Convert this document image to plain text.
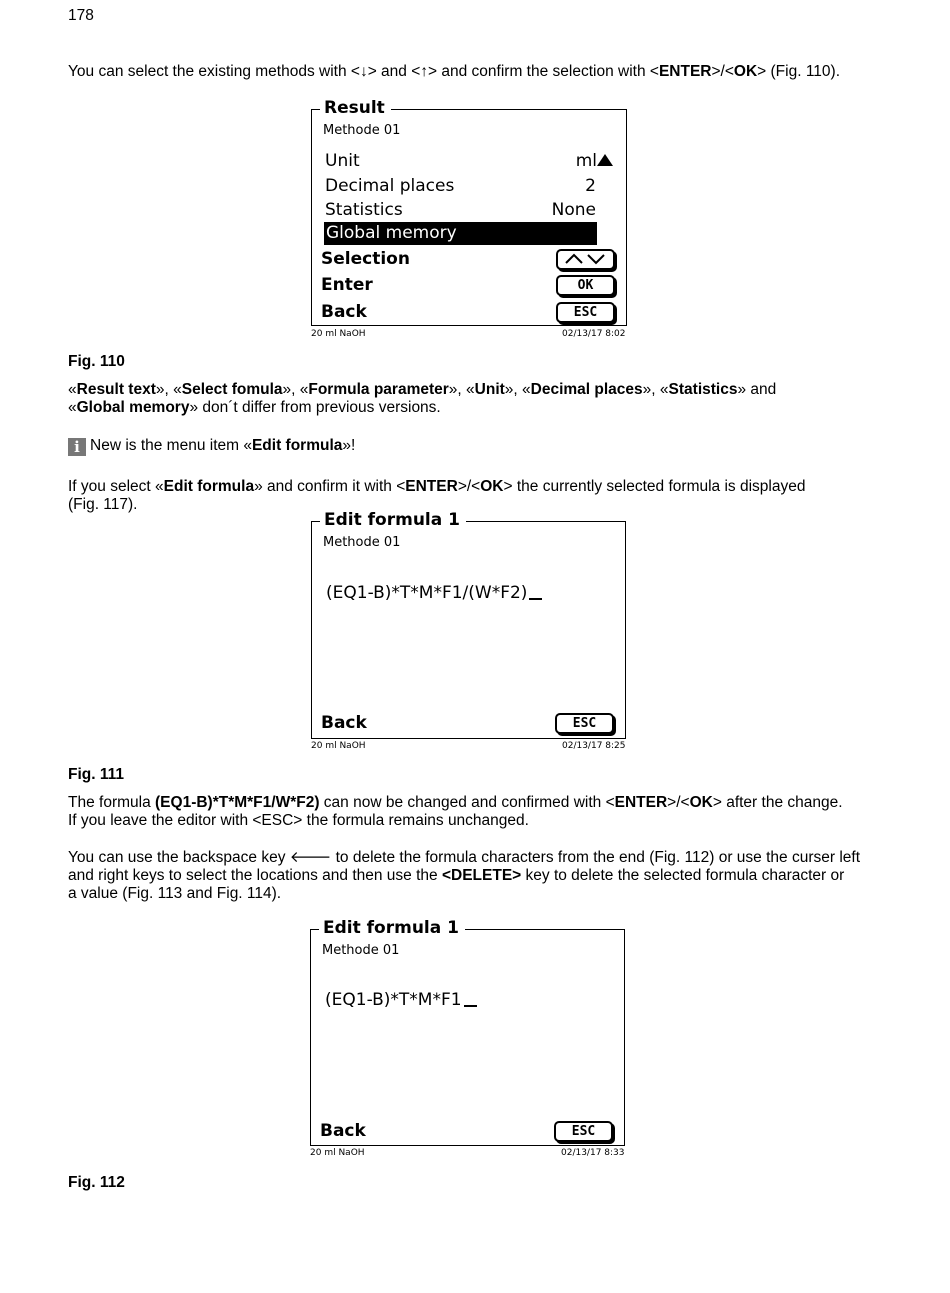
178
You can select the existing methods with <↓> and <↑> and confirm the selection with <ENTER>/<OK> (Fig. 110).
Result
Methode 01
Unit	ml
Decimal places	2
Statistics	None
Global memory
Selection
Enter	OK
Back	ESC
20 ml NaOH	02/13/17 8:02
Fig. 110
«Result text», «Select fomula», «Formula parameter», «Unit», «Decimal places», «Statistics» and
«Global memory» don´t differ from previous versions.
i New is the menu item «Edit formula»!
If you select «Edit formula» and confirm it with <ENTER>/<OK> the currently selected formula is displayed
(Fig. 117).
Edit formula 1
Methode 01
(EQ1-B)*T*M*F1/(W*F2)
Back	ESC
20 ml NaOH	02/13/17 8:25
Fig. 111
The formula (EQ1-B)*T*M*F1/W*F2) can now be changed and confirmed with <ENTER>/<OK> after the change.
If you leave the editor with <ESC> the formula remains unchanged.
You can use the backspace key 🡐 to delete the formula characters from the end (Fig. 112) or use the curser left
and right keys to select the locations and then use the <DELETE> key to delete the selected formula character or
a value (Fig. 113 and Fig. 114).
Edit formula 1
Methode 01
(EQ1-B)*T*M*F1
Back	ESC
20 ml NaOH	02/13/17 8:33
Fig. 112
